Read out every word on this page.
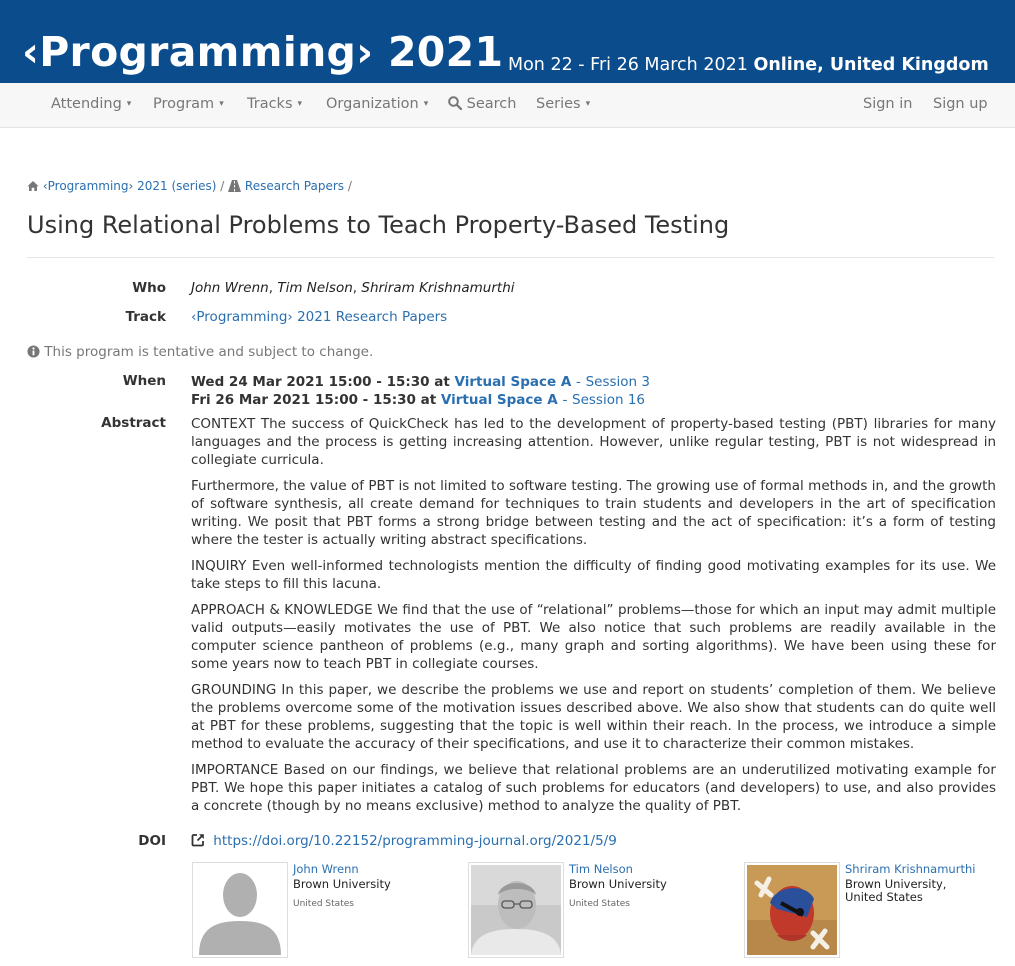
‹Programming› 2021 Mon 22 - Fri 26 March 2021 Online, United Kingdom
Attending ▾ Program ▾ Tracks ▾ Organization ▾	Search Series ▾	Sign in Sign up
‹Programming› 2021 (series) / Research Papers /
Using Relational Problems to Teach Property-Based Testing
Who John Wrenn, Tim Nelson, Shriram Krishnamurthi
Track ‹Programming› 2021 Research Papers
This program is tentative and subject to change.
When Wed 24 Mar 2021 15:00 - 15:30 at Virtual Space A - Session 3
Fri 26 Mar 2021 15:00 - 15:30 at Virtual Space A - Session 16
Abstract CONTEXT The success of QuickCheck has led to the development of property-based testing (PBT) libraries for many languages and the process is getting increasing attention. However, unlike regular testing, PBT is not widespread in collegiate curricula.

Furthermore, the value of PBT is not limited to software testing. The growing use of formal methods in, and the growth of software synthesis, all create demand for techniques to train students and developers in the art of specification writing. We posit that PBT forms a strong bridge between testing and the act of specification: it’s a form of testing where the tester is actually writing abstract specifications.

INQUIRY Even well-informed technologists mention the difficulty of finding good motivating examples for its use. We take steps to fill this lacuna.

APPROACH & KNOWLEDGE We find that the use of “relational” problems—those for which an input may admit multiple valid outputs—easily motivates the use of PBT. We also notice that such problems are readily available in the computer science pantheon of problems (e.g., many graph and sorting algorithms). We have been using these for some years now to teach PBT in collegiate courses.

GROUNDING In this paper, we describe the problems we use and report on students’ completion of them. We believe the problems overcome some of the motivation issues described above. We also show that students can do quite well at PBT for these problems, suggesting that the topic is well within their reach. In the process, we introduce a simple method to evaluate the accuracy of their specifications, and use it to characterize their common mistakes.

IMPORTANCE Based on our findings, we believe that relational problems are an underutilized motivating example for PBT. We hope this paper initiates a catalog of such problems for educators (and developers) to use, and also provides a concrete (though by no means exclusive) method to analyze the quality of PBT.

DOI	https://doi.org/10.22152/programming-journal.org/2021/5/9
John Wrenn
Brown University
United States
Tim Nelson
Brown University
United States
Shriram Krishnamurthi
Brown University, United States
